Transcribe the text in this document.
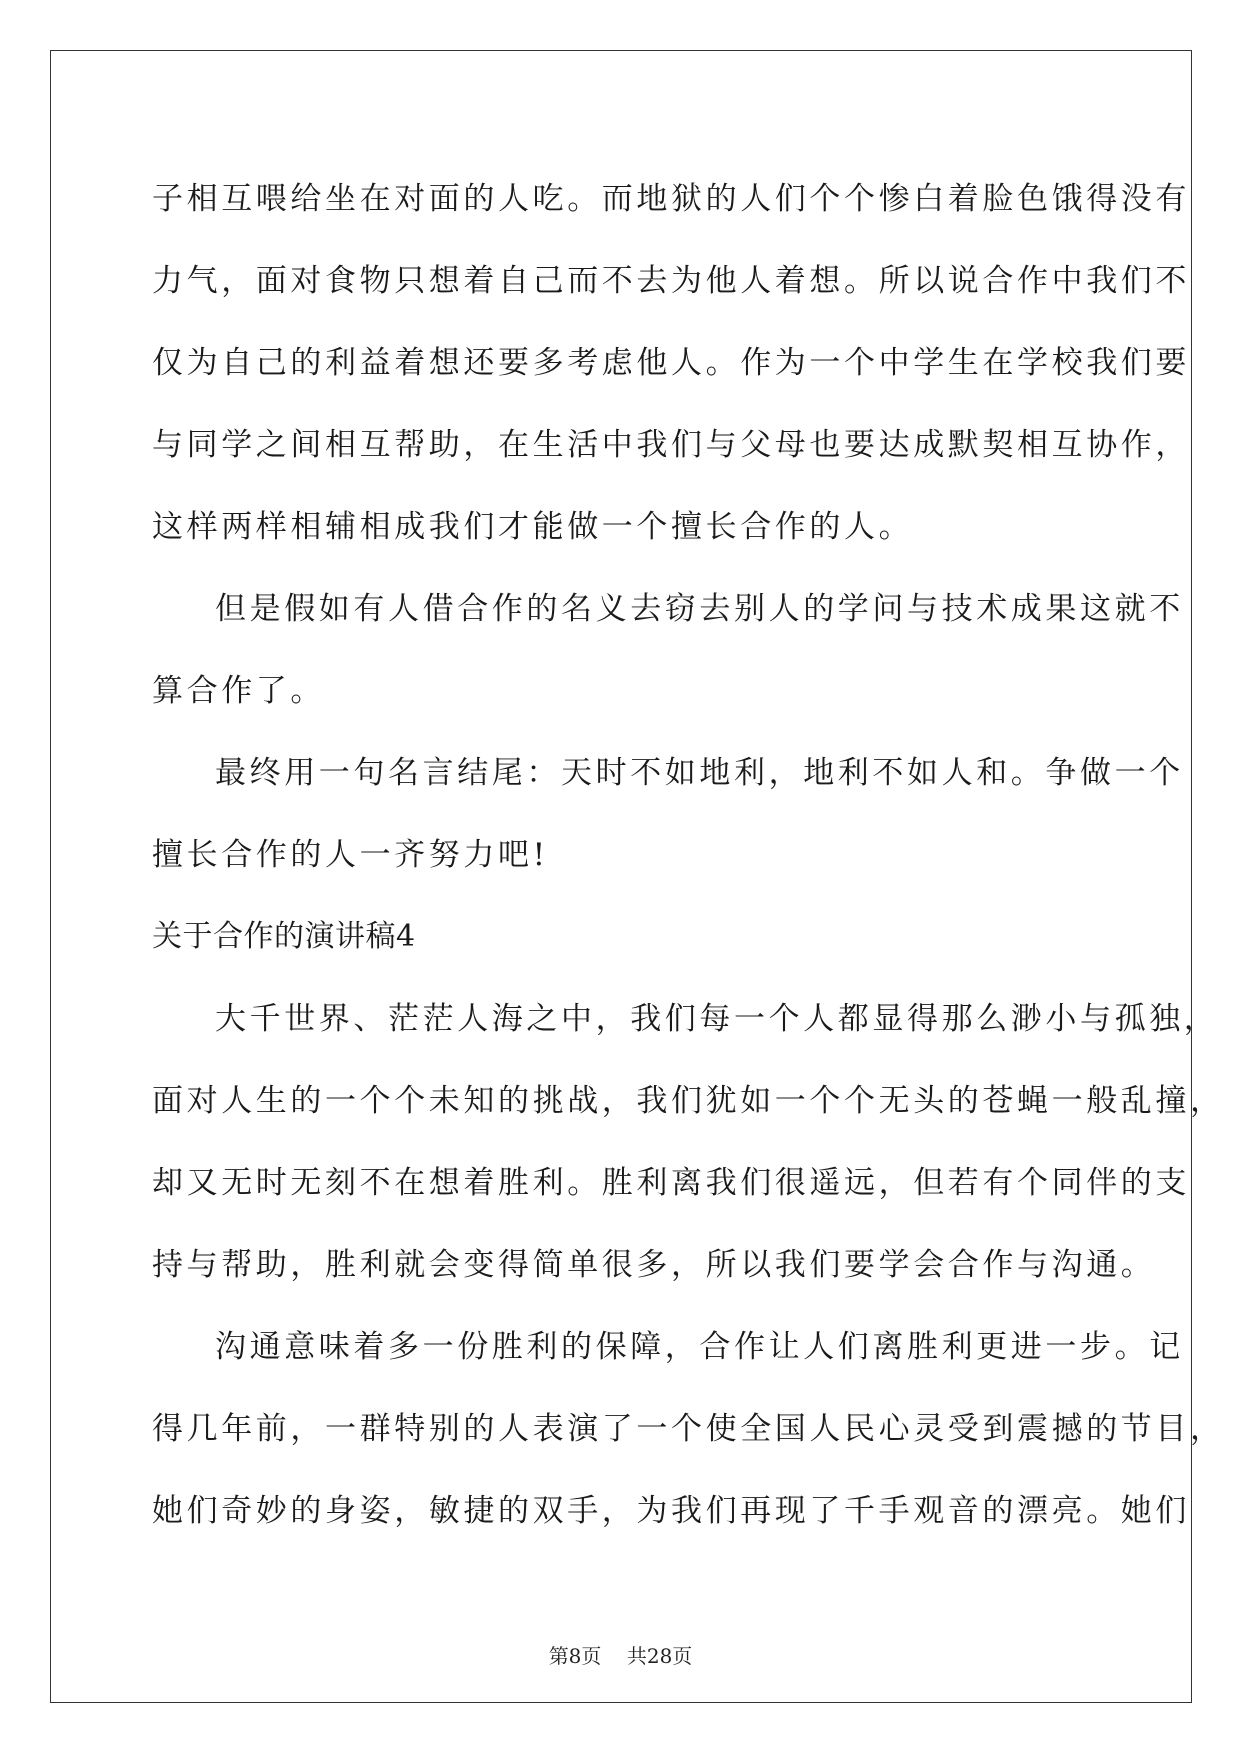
子相互喂给坐在对面的人吃。而地狱的人们个个惨白着脸色饿得没有
力气，面对食物只想着自己而不去为他人着想。所以说合作中我们不
仅为自己的利益着想还要多考虑他人。作为一个中学生在学校我们要
与同学之间相互帮助，在生活中我们与父母也要达成默契相互协作，
这样两样相辅相成我们才能做一个擅长合作的人。
但是假如有人借合作的名义去窃去别人的学问与技术成果这就不
算合作了。
最终用一句名言结尾：天时不如地利，地利不如人和。争做一个
擅长合作的人一齐努力吧!
关于合作的演讲稿4
大千世界、茫茫人海之中，我们每一个人都显得那么渺小与孤独，
面对人生的一个个未知的挑战，我们犹如一个个无头的苍蝇一般乱撞，
却又无时无刻不在想着胜利。胜利离我们很遥远，但若有个同伴的支
持与帮助，胜利就会变得简单很多，所以我们要学会合作与沟通。
沟通意味着多一份胜利的保障，合作让人们离胜利更进一步。记
得几年前，一群特别的人表演了一个使全国人民心灵受到震撼的节目，
她们奇妙的身姿，敏捷的双手，为我们再现了千手观音的漂亮。她们
第8页    共28页
